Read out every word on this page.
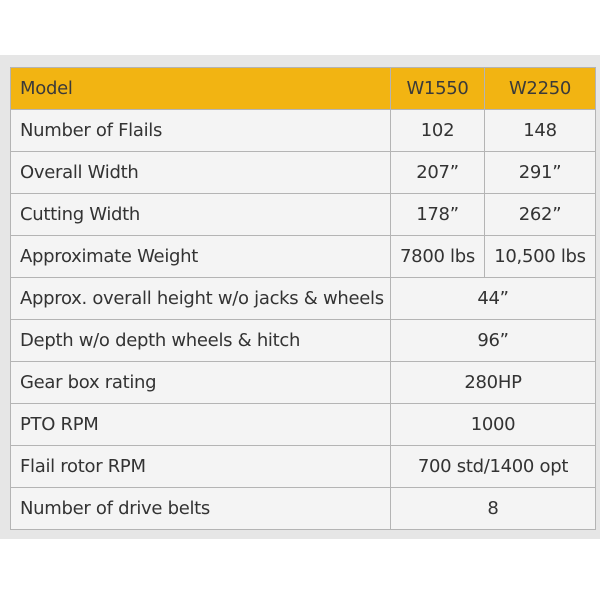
Model	W1550	W2250
Number of Flails	102	148
Overall Width	207”	291”
Cutting Width	178”	262”
Approximate Weight	7800 lbs	10,500 lbs
Approx. overall height w/o jacks & wheels	44”	
Depth w/o depth wheels & hitch	96”	
Gear box rating	280HP	
PTO RPM	1000	
Flail rotor RPM	700 std/1400 opt	
Number of drive belts	8	
